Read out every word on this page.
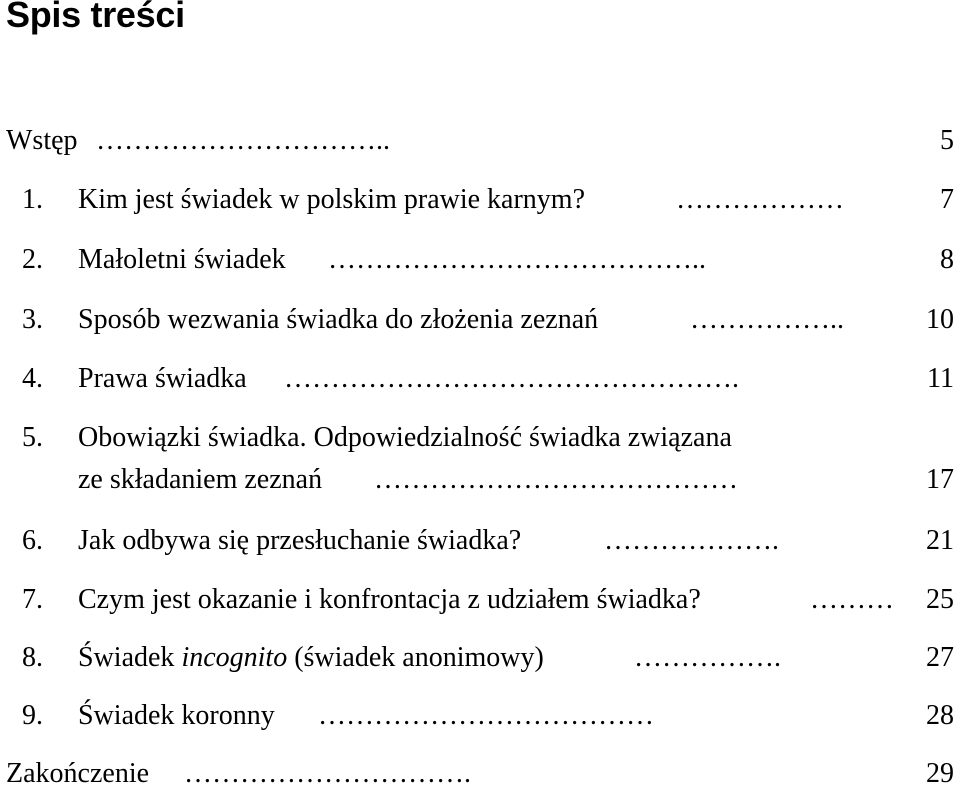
Spis treści
Wstęp …………………………..	5
1. Kim jest świadek w polskim prawie karnym?	………………	7
2. Małoletni świadek …………………………………..	8
3. Sposób wezwania świadka do złożenia zeznań	……………..	10
4. Prawa świadka ………………………………………….	11
5. Obowiązki świadka. Odpowiedzialność świadka związana
ze składaniem zeznań …………………………………	17
6. Jak odbywa się przesłuchanie świadka?	……………….	21
7. Czym jest okazanie i konfrontacja z udziałem świadka?	……… 25
8. Świadek incognito (świadek anonimowy)	…………….	27
9. Świadek koronny ………………………………	28
Zakończenie ………………………….	29
